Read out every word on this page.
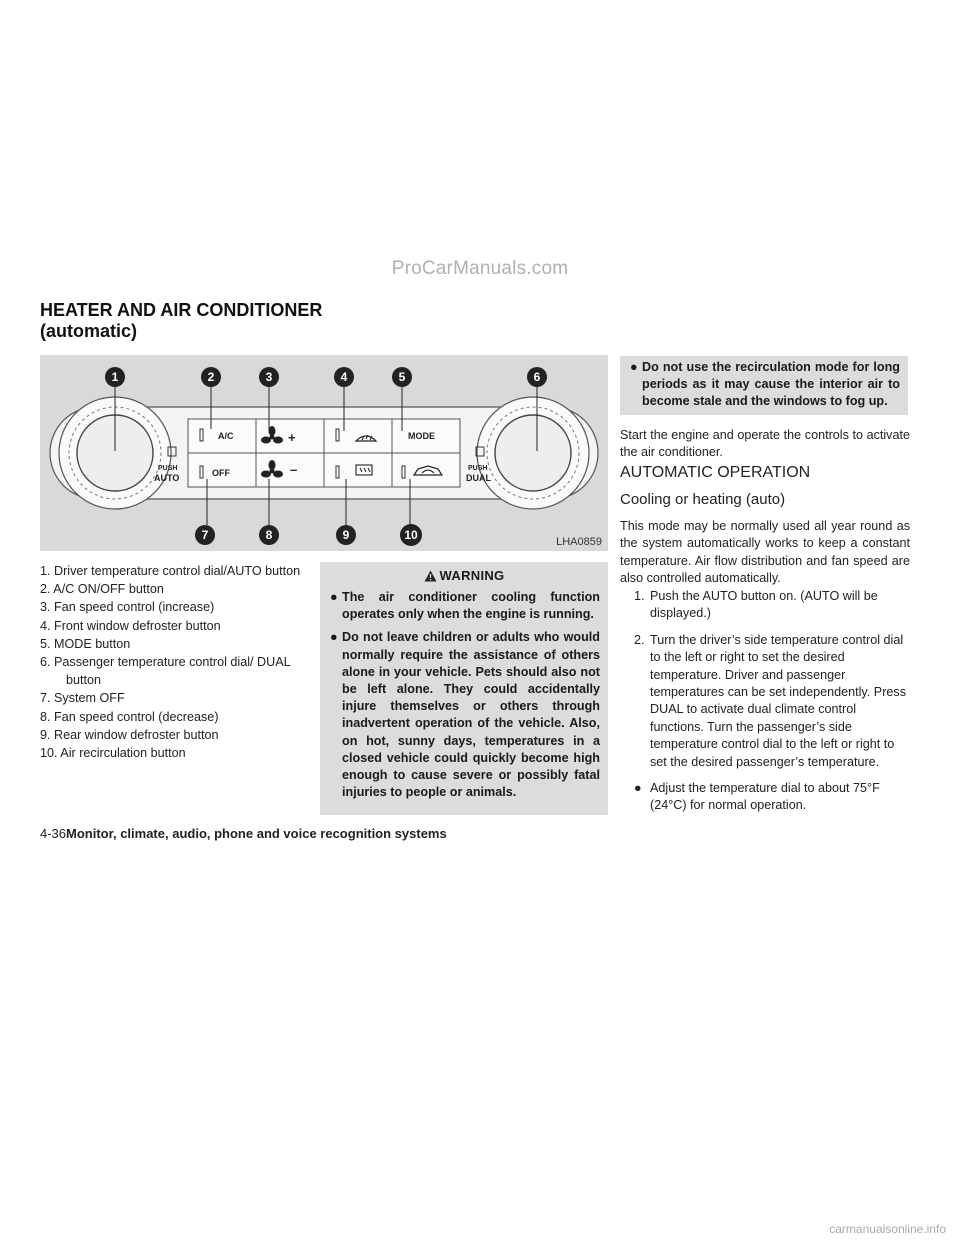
ProCarManuals.com
HEATER AND AIR CONDITIONER
(automatic)
A/C	MODE
OFF
PUSH
AUTO
PUSH
DUAL
+
–
1	2	3	4	5	6
7	8	9	10	LHA0859
1. Driver temperature control dial/AUTO button
2. A/C ON/OFF button
3. Fan speed control (increase)
4. Front window defroster button
5. MODE button
6. Passenger temperature control dial/ DUAL button
7. System OFF
8. Fan speed control (decrease)
9. Rear window defroster button
10. Air recirculation button
WARNING
● The air conditioner cooling function operates only when the engine is running.
● Do not leave children or adults who would normally require the assistance of others alone in your vehicle. Pets should also not be left alone. They could accidentally injure themselves or others through inadvertent operation of the vehicle. Also, on hot, sunny days, temperatures in a closed vehicle could quickly become high enough to cause severe or possibly fatal injuries to people or animals.
● Do not use the recirculation mode for long periods as it may cause the interior air to become stale and the windows to fog up.
Start the engine and operate the controls to activate the air conditioner.
AUTOMATIC OPERATION
Cooling or heating (auto)
This mode may be normally used all year round as the system automatically works to keep a constant temperature. Air flow distribution and fan speed are also controlled automatically.
1. Push the AUTO button on. (AUTO will be displayed.)
2. Turn the driver’s side temperature control dial to the left or right to set the desired temperature. Driver and passenger temperatures can be set independently. Press DUAL to activate dual climate control functions. Turn the passenger’s side temperature control dial to the left or right to set the desired passenger’s temperature.
● Adjust the temperature dial to about 75°F (24°C) for normal operation.
4-36Monitor, climate, audio, phone and voice recognition systems
carmanualsonline.info
